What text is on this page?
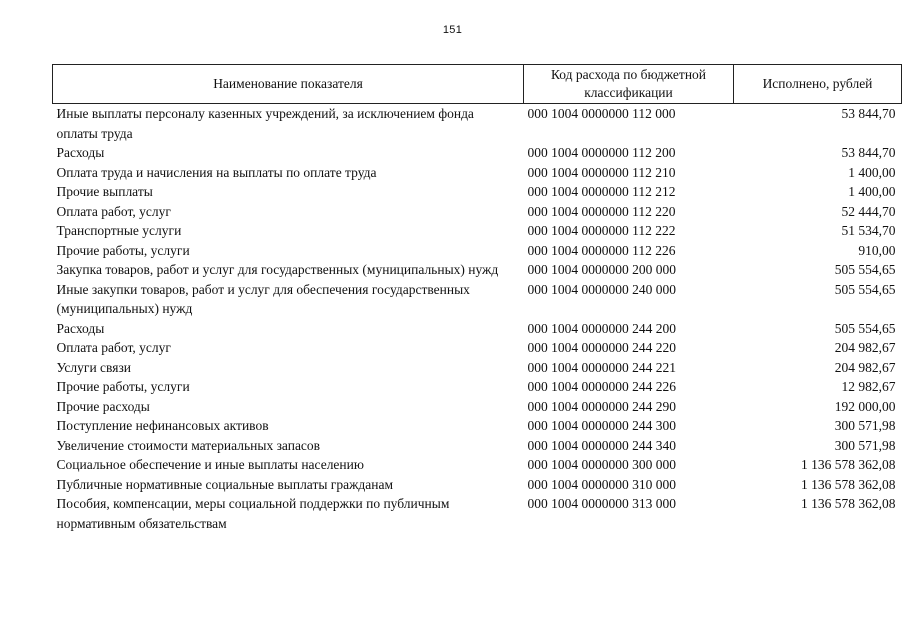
151
Наименование показателя	Код расхода по бюджетной классификации	Исполнено, рублей
Иные выплаты персоналу казенных учреждений, за исключением фонда оплаты труда	000 1004 0000000 112 000	53 844,70
Расходы	000 1004 0000000 112 200	53 844,70
Оплата труда и начисления на выплаты по оплате труда	000 1004 0000000 112 210	1 400,00
Прочие выплаты	000 1004 0000000 112 212	1 400,00
Оплата работ, услуг	000 1004 0000000 112 220	52 444,70
Транспортные услуги	000 1004 0000000 112 222	51 534,70
Прочие работы, услуги	000 1004 0000000 112 226	910,00
Закупка товаров, работ и услуг для государственных (муниципальных) нужд	000 1004 0000000 200 000	505 554,65
Иные закупки товаров, работ и услуг для обеспечения государственных (муниципальных) нужд	000 1004 0000000 240 000	505 554,65
Расходы	000 1004 0000000 244 200	505 554,65
Оплата работ, услуг	000 1004 0000000 244 220	204 982,67
Услуги связи	000 1004 0000000 244 221	204 982,67
Прочие работы, услуги	000 1004 0000000 244 226	12 982,67
Прочие расходы	000 1004 0000000 244 290	192 000,00
Поступление нефинансовых активов	000 1004 0000000 244 300	300 571,98
Увеличение стоимости материальных запасов	000 1004 0000000 244 340	300 571,98
Социальное обеспечение и иные выплаты населению	000 1004 0000000 300 000	1 136 578 362,08
Публичные нормативные социальные выплаты гражданам	000 1004 0000000 310 000	1 136 578 362,08
Пособия, компенсации, меры социальной поддержки по публичным нормативным обязательствам	000 1004 0000000 313 000	1 136 578 362,08
